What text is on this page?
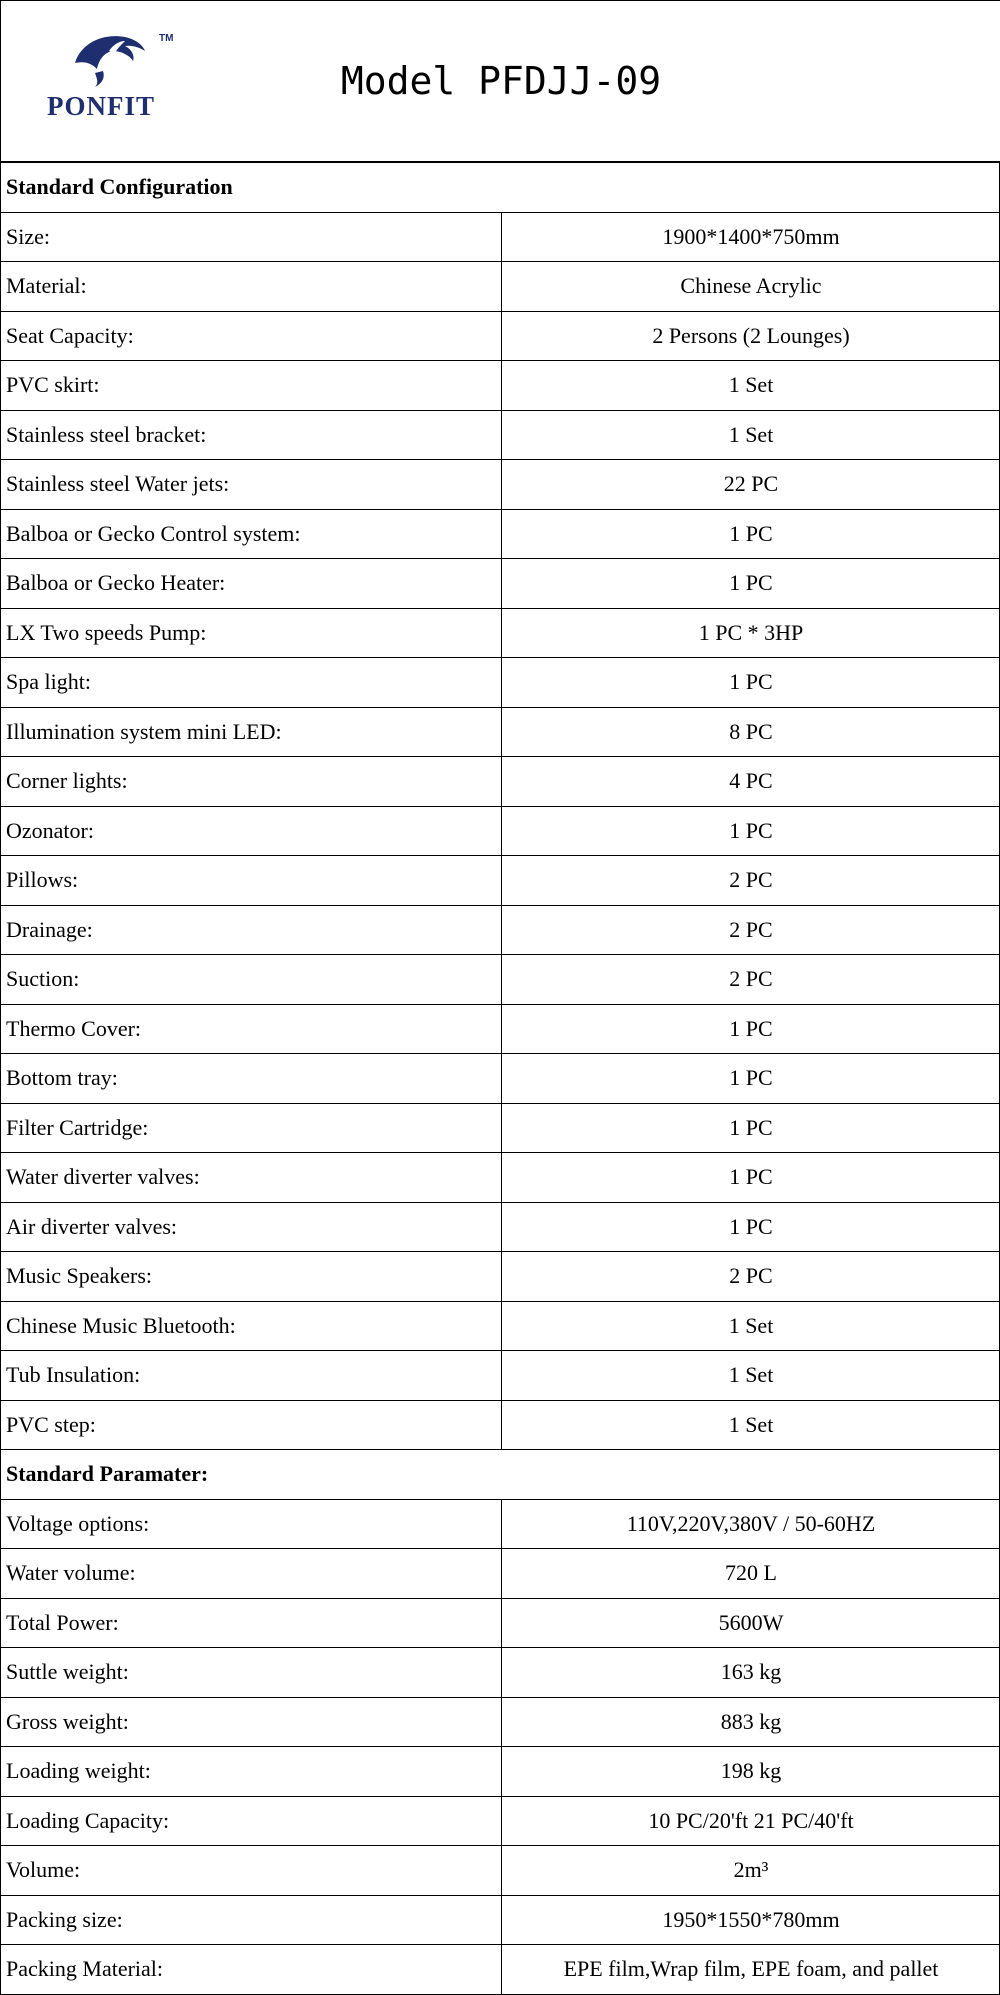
TM
PONFIT
Model PFDJJ-09
Standard Configuration
Size:	1900*1400*750mm
Material:	Chinese Acrylic
Seat Capacity:	2 Persons (2 Lounges)
PVC skirt:	1 Set
Stainless steel bracket:	1 Set
Stainless steel Water jets:	22 PC
Balboa or Gecko Control system:	1 PC
Balboa or Gecko Heater:	1 PC
LX Two speeds Pump:	1 PC * 3HP
Spa light:	1 PC
Illumination system mini LED:	8 PC
Corner lights:	4 PC
Ozonator:	1 PC
Pillows:	2 PC
Drainage:	2 PC
Suction:	2 PC
Thermo Cover:	1 PC
Bottom tray:	1 PC
Filter Cartridge:	1 PC
Water diverter valves:	1 PC
Air diverter valves:	1 PC
Music Speakers:	2 PC
Chinese Music Bluetooth:	1 Set
Tub Insulation:	1 Set
PVC step:	1 Set
Standard Paramater:
Voltage options:	110V,220V,380V / 50-60HZ
Water volume:	720 L
Total Power:	5600W
Suttle weight:	163 kg
Gross weight:	883 kg
Loading weight:	198 kg
Loading Capacity:	10 PC/20'ft 21 PC/40'ft
Volume:	2m³
Packing size:	1950*1550*780mm
Packing Material:	EPE film,Wrap film, EPE foam, and pallet
